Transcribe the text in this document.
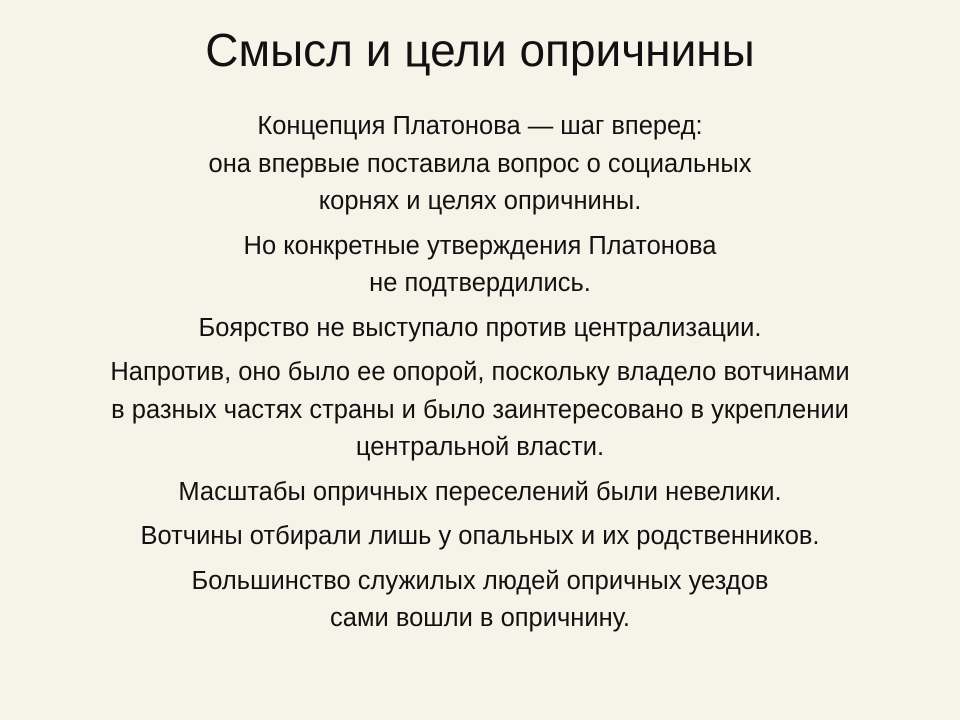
Смысл и цели опричнины

Концепция Платонова — шаг вперед:
она впервые поставила вопрос о социальных
корнях и целях опричнины.

Но конкретные утверждения Платонова
не подтвердились.

Боярство не выступало против централизации.

Напротив, оно было ее опорой, поскольку владело вотчинами
в разных частях страны и было заинтересовано в укреплении
центральной власти.

Масштабы опричных переселений были невелики.

Вотчины отбирали лишь у опальных и их родственников.

Большинство служилых людей опричных уездов
сами вошли в опричнину.
